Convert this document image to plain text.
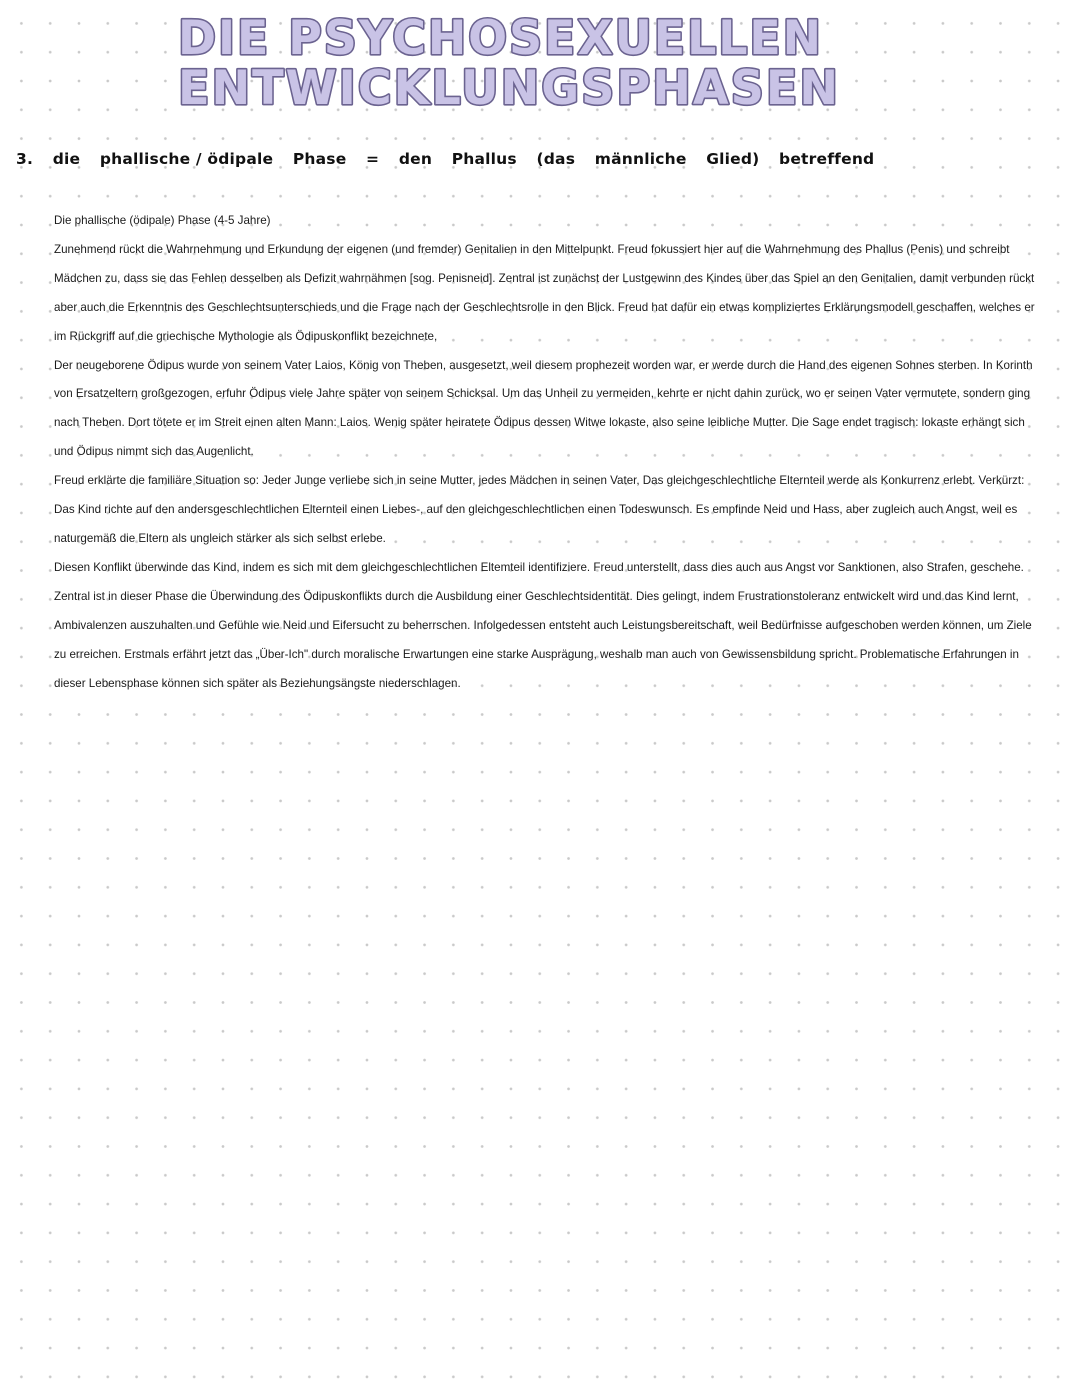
DIE PSYCHOSEXUELLEN
ENTWICKLUNGSPHASEN
3. die phallische / ödipale Phase = den Phallus (das männliche Glied) betreffend

Die phallische (ödipale) Phase (4-5 Jahre)

Zunehmend rückt die Wahrnehmung und Erkundung der eigenen (und fremder) Genitalien in den Mittelpunkt. Freud fokussiert hier auf die Wahrnehmung des Phallus (Penis) und schreibt Mädchen zu, dass sie das Fehlen desselben als Defizit wahrnähmen [sog. Penisneid]. Zentral ist zunächst der Lustgewinn des Kindes über das Spiel an den Genitalien, damit verbunden rückt aber auch die Erkenntnis des Geschlechtsunterschieds und die Frage nach der Geschlechtsrolle in den Blick. Freud hat dafür ein etwas kompliziertes Erklärungsmodell geschaffen, welches er im Rückgriff auf die griechische Mythologie als Ödipuskonflikt bezeichnete,

Der neugeborene Ödipus wurde von seinem Vater Laios, König von Theben, ausgesetzt, weil diesem prophezeit worden war, er werde durch die Hand des eigenen Sohnes sterben. In Korinth von Ersatzeltern großgezogen, erfuhr Ödipus viele Jahre später von seinem Schicksal. Um das Unheil zu vermeiden, kehrte er nicht dahin zurück, wo er seinen Vater vermutete, sondern ging nach Theben. Dort tötete er im Streit einen alten Mann: Laios. Wenig später heiratete Ödipus dessen Witwe lokaste, also seine leibliche Mutter. Die Sage endet tragisch: lokaste erhängt sich und Ödipus nimmt sich das Augenlicht.

Freud erklärte die familiäre Situation so: Jeder Junge verliebe sich in seine Mutter, jedes Mädchen in seinen Vater, Das gleichgeschlechtliche Elternteil werde als Konkurrenz erlebt. Verkürzt: Das Kind richte auf den andersgeschlechtlichen Elternteil einen Liebes-, auf den gleichgeschlechtlichen einen Todeswunsch. Es empfinde Neid und Hass, aber zugleich auch Angst, weil es naturgemäß die Eltern als ungleich stärker als sich selbst erlebe.

Diesen Konflikt überwinde das Kind, indem es sich mit dem gleichgeschlechtlichen Eltemteil identifiziere. Freud unterstellt, dass dies auch aus Angst vor Sanktionen, also Strafen, geschehe. Zentral ist in dieser Phase die Überwindung des Ödipuskonflikts durch die Ausbildung einer Geschlechtsidentität. Dies gelingt, indem Frustrationstoleranz entwickelt wird und das Kind lernt, Ambivalenzen auszuhalten und Gefühle wie Neid und Eifersucht zu beherrschen. Infolgedessen entsteht auch Leistungsbereitschaft, weil Bedürfnisse aufgeschoben werden können, um Ziele zu erreichen. Erstmals erfährt jetzt das „Über-Ich" durch moralische Erwartungen eine starke Ausprägung, weshalb man auch von Gewissensbildung spricht. Problematische Erfahrungen in dieser Lebensphase können sich später als Beziehungsängste niederschlagen.
